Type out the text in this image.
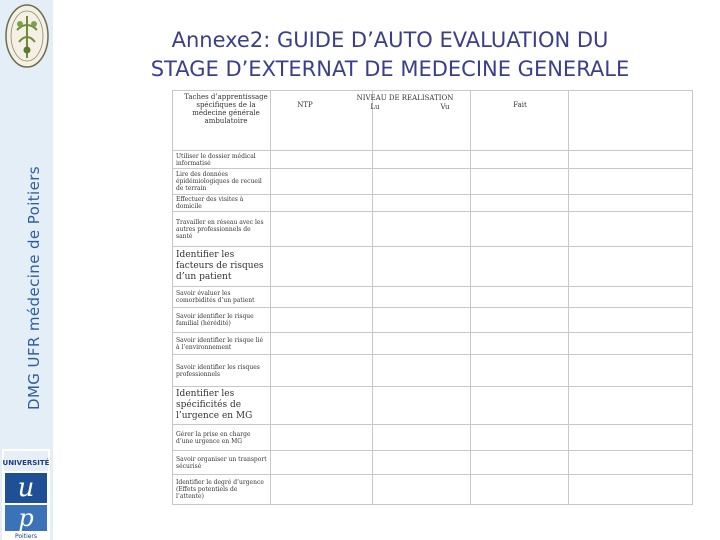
DMG UFR médecine de Poitiers
UNIVERSITÉ
u
p
Poitiers
Annexe2: GUIDE D’AUTO EVALUATION DU
STAGE D’EXTERNAT DE MEDECINE GENERALE

Utiliser le dossier médical informatisé				

Lire des données épidémiologiques de recueil de terrain				

Effectuer des visites à domicile				

Travailler en réseau avec les autres professionnels de santé				

Identifier les facteurs de risques d’un patient				

Savoir évaluer les comorbidités d’un patient				

Savoir identifier le risque familial (hérédité)				

Savoir identifier le risque lié à l’environnement				

Savoir identifier les risques professionnels				

Identifier les spécificités de l’urgence en MG				

Gérer la prise en charge d’une urgence en MG				

Savoir organiser un transport sécurisé				

Identifier le degré d’urgence (Effets potentiels de l’attente)				

Taches d’apprentissage spécifiques de la médecine générale ambulatoire
NIVEAU DE REALISATION
NTP	Lu	Vu	Fait
